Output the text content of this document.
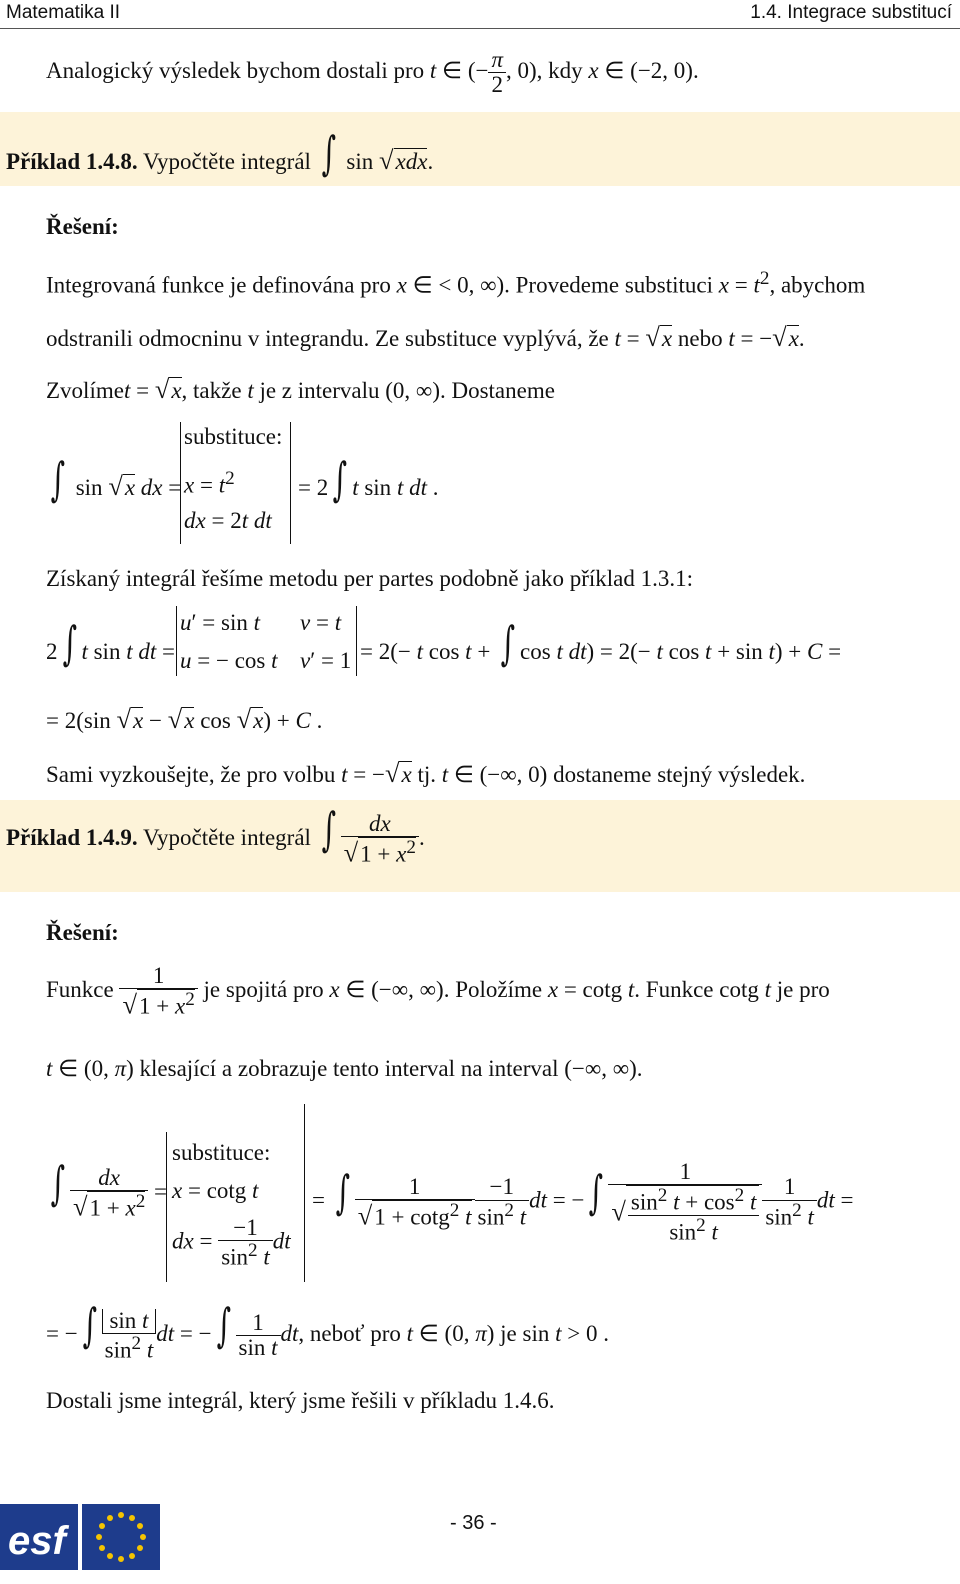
Matematika II	1.4. Integrace substitucí
Analogický výsledek bychom dostali pro t ∈ (− $\frac{\pi}{2}$ , 0), kdy x ∈ (−2, 0).
Příklad 1.4.8. Vypočtěte integrál ∫ sin √xdx.
Řešení:
Integrovaná funkce je definována pro x ∈ < 0, ∞). Provedeme substituci $x = t^2$, abychom
odstranili odmocninu v integrandu. Ze substituce vyplývá, že t = √x nebo t = −√x.
Zvolímet = √x, takže t je z intervalu (0, ∞). Dostaneme
substituce:
∫ sin √x dx = $x = t^2$	= 2 ∫ t sin t dt .
dx = 2t dt
Získaný integrál řešíme metodu per partes podobně jako příklad 1.3.1:
2 ∫ t sin t dt =
u′ = sin t v = t
u = − cos t v′ = 1 = 2(− t cos t + ∫ cos t dt) = 2(− t cos t + sin t) + C =
= 2(sin √x − √x cos √x) + C .
Sami vyzkoušejte, že pro volbu t = −√x tj. t ∈ (−∞, 0) dostaneme stejný výsledek.
Příklad 1.4.9. Vypočtěte integrál ∫ $\frac{dx}{√1 + x^2}$ .
Řešení:
Funkce $\frac{1}{√1 + x^2}$ je spojitá pro x ∈ (−∞, ∞). Položíme x = cotg t. Funkce cotg t je pro
t ∈ (0, π) klesající a zobrazuje tento interval na interval (−∞, ∞).
substituce:
∫ $\frac{dx}{√1 + x^2} = x = \cot g$ t
dx = $\frac{-1}{\sin^2 t}$ dt
= ∫ $\frac{1}{√1 + \cot g^2 t} \frac{-1}{\sin^2 t}$ dt = − ∫ $\frac{1}{√ \frac{\sin^2 t + \cos^2 t}{\sin^2 t}} \frac{1}{\sin^2 t}$ dt =
= − ∫ $\frac{\text{sin t}}{\sin^2 t}$ dt = − ∫ $\frac{1}{\text{sin t}}$ dt, neboť pro t ∈ (0, π) je sin t > 0 .
Dostali jsme integrál, který jsme řešili v příkladu 1.4.6.
esf	- 36 -
